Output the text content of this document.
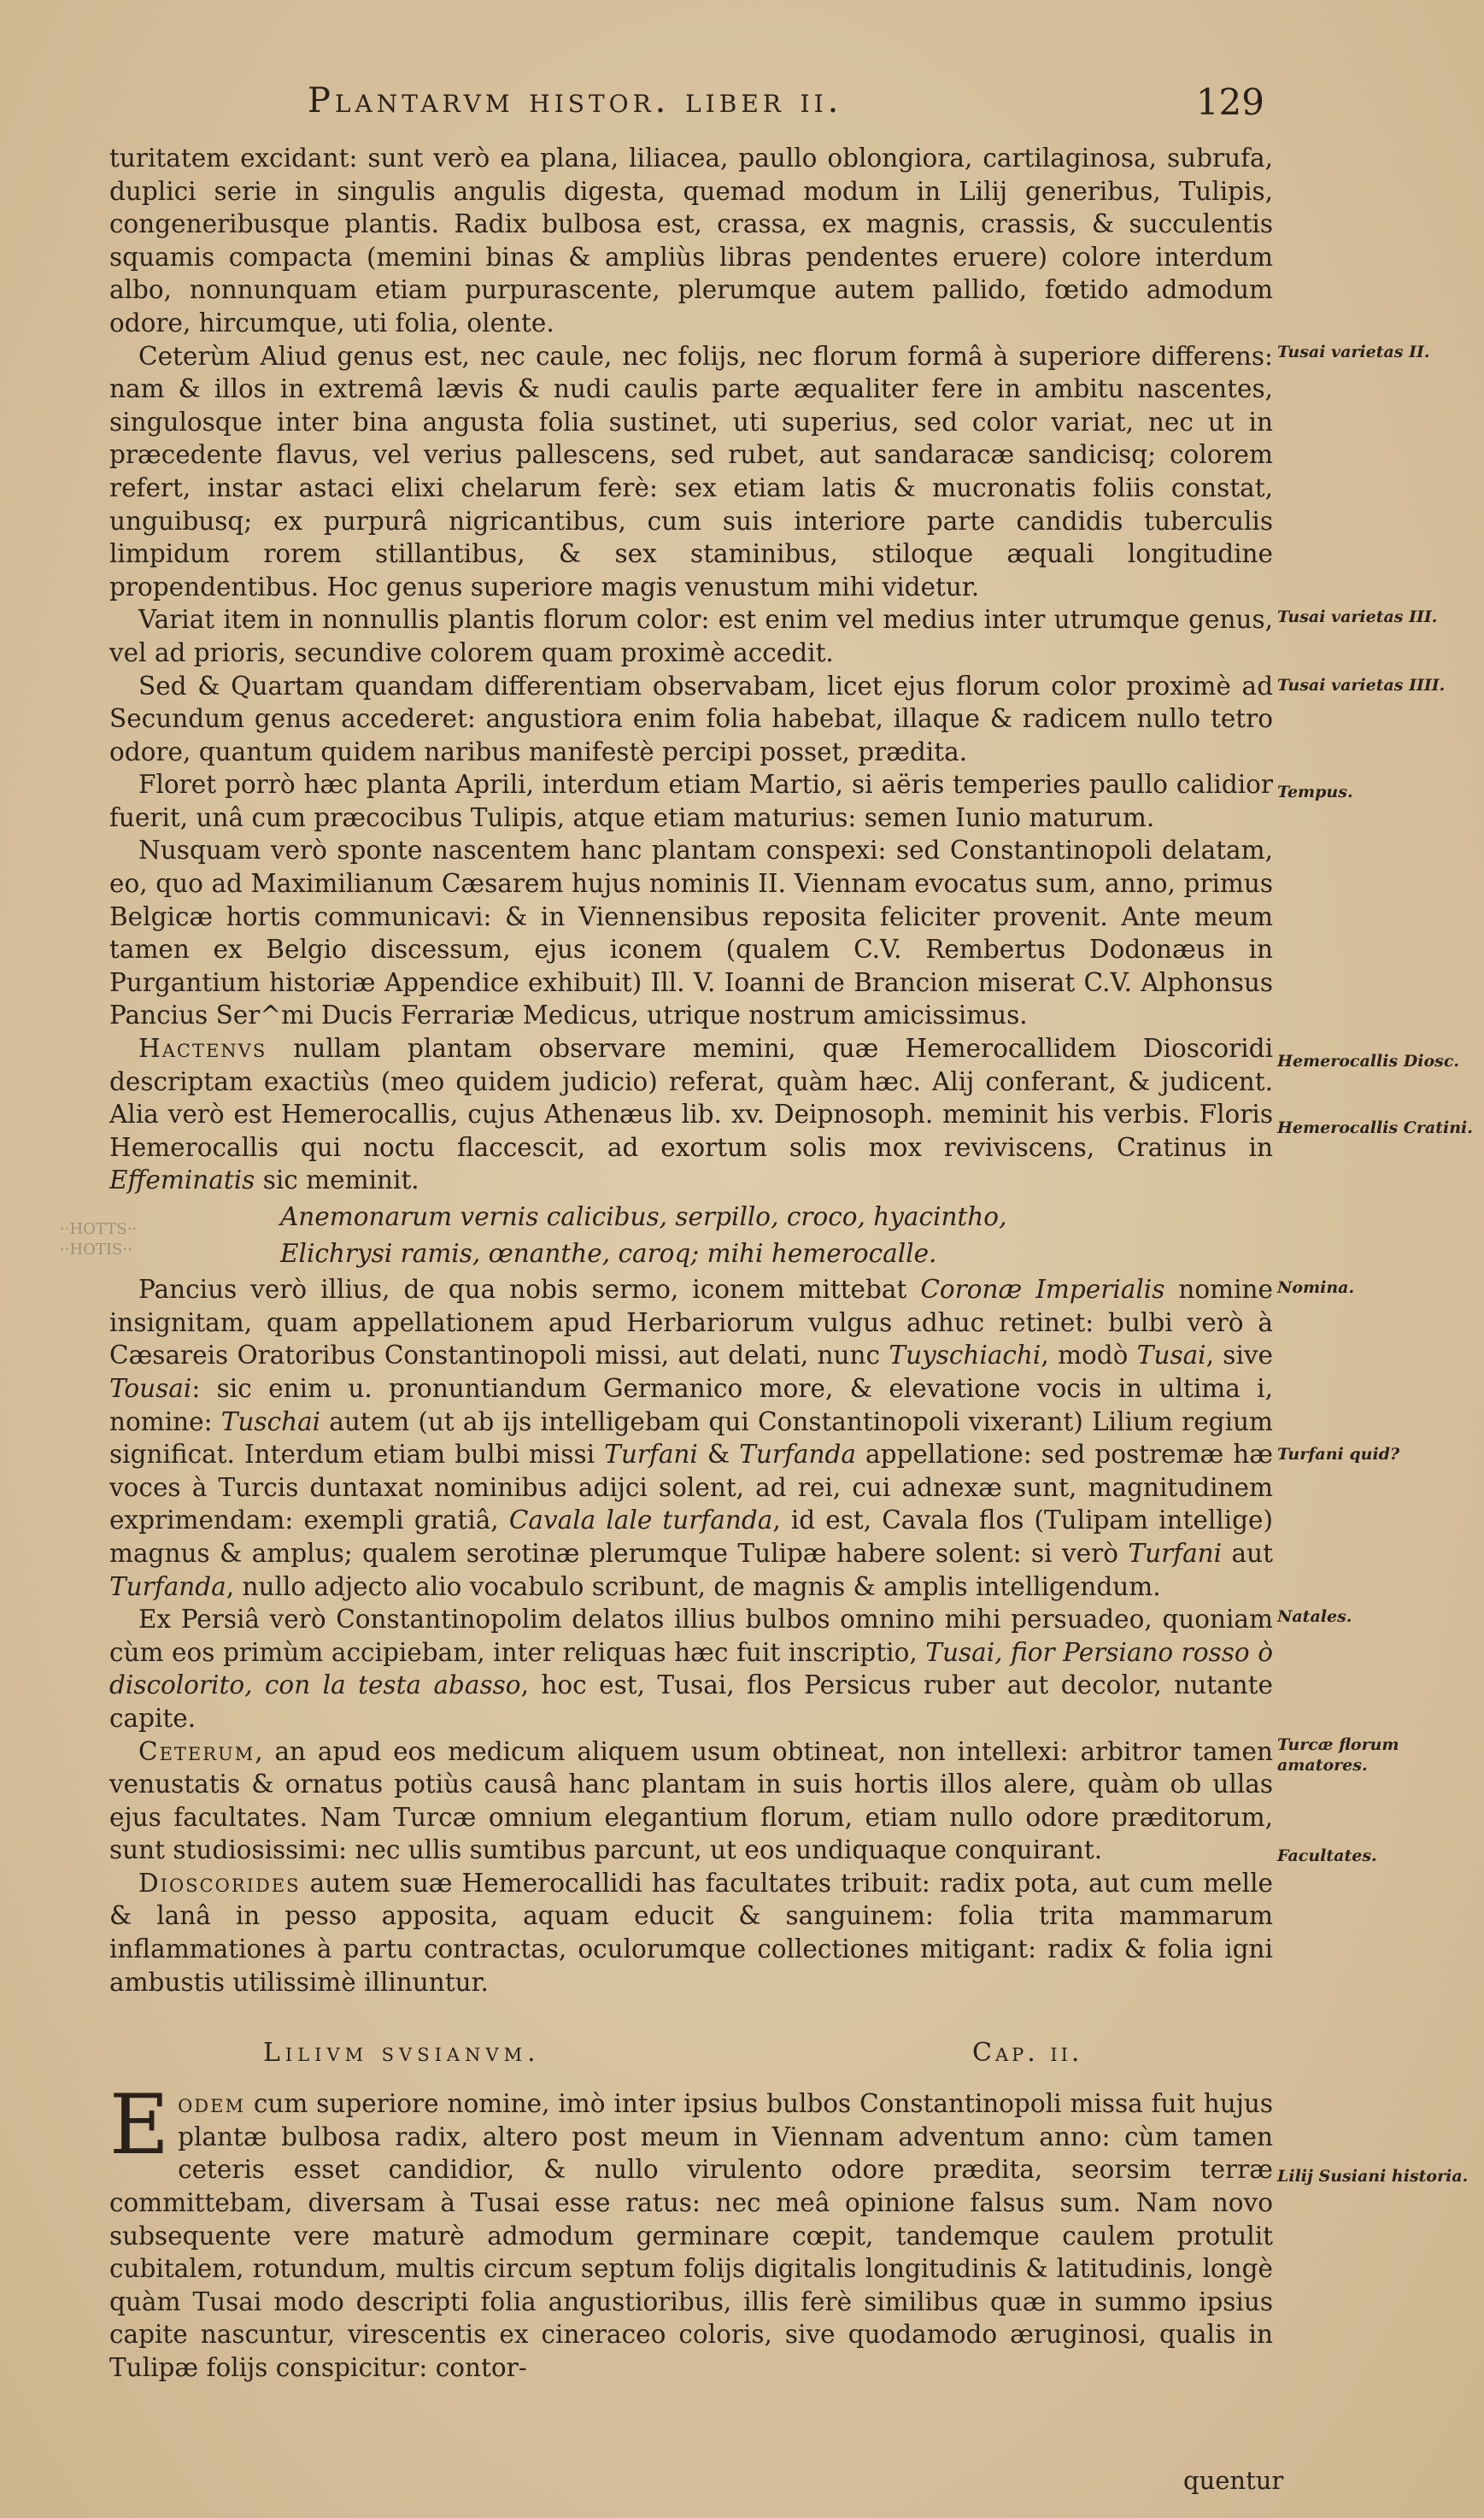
Plantarvm histor. liber ii.	129
··HOTTS··
··HOTIS··

turitatem excidant: sunt verò ea plana, liliacea, paullo oblongiora, cartilaginosa, subrufa, duplici serie in singulis angulis digesta, quemad modum in Lilij generibus, Tulipis, congeneribusque plantis. Radix bulbosa est, crassa, ex magnis, crassis, & succulentis squamis compacta (memini binas & ampliùs libras pendentes eruere) colore interdum albo, nonnunquam etiam purpurascente, plerumque autem pallido, fœtido admodum odore, hircumque, uti folia, olente.

Ceterùm Aliud genus est, nec caule, nec folijs, nec florum formâ à superiore differens: nam & illos in extremâ lævis & nudi caulis parte æqualiter fere in ambitu nascentes, singulosque inter bina angusta folia sustinet, uti superius, sed color variat, nec ut in præcedente flavus, vel verius pallescens, sed rubet, aut sandaracæ sandicisq; colorem refert, instar astaci elixi chelarum ferè: sex etiam latis & mucronatis foliis constat, unguibusq; ex purpurâ nigricantibus, cum suis interiore parte candidis tuberculis limpidum rorem stillantibus, & sex staminibus, stiloque æquali longitudine propendentibus. Hoc genus superiore magis venustum mihi videtur.

Variat item in nonnullis plantis florum color: est enim vel medius inter utrumque genus, vel ad prioris, secundive colorem quam proximè accedit.

Sed & Quartam quandam differentiam observabam, licet ejus florum color proximè ad Secundum genus accederet: angustiora enim folia habebat, illaque & radicem nullo tetro odore, quantum quidem naribus manifestè percipi posset, prædita.

Floret porrò hæc planta Aprili, interdum etiam Martio, si aëris temperies paullo calidior fuerit, unâ cum præcocibus Tulipis, atque etiam maturius: semen Iunio maturum.

Nusquam verò sponte nascentem hanc plantam conspexi: sed Constantinopoli delatam, eo, quo ad Maximilianum Cæsarem hujus nominis II. Viennam evocatus sum, anno, primus Belgicæ hortis communicavi: & in Viennensibus reposita feliciter provenit. Ante meum tamen ex Belgio discessum, ejus iconem (qualem C.V. Rembertus Dodonæus in Purgantium historiæ Appendice exhibuit) Ill. V. Ioanni de Brancion miserat C.V. Alphonsus Pancius Ser^mi Ducis Ferrariæ Medicus, utrique nostrum amicissimus.

Hactenvs nullam plantam observare memini, quæ Hemerocallidem Dioscoridi descriptam exactiùs (meo quidem judicio) referat, quàm hæc. Alij conferant, & judicent. Alia verò est Hemerocallis, cujus Athenæus lib. xv. Deipnosoph. meminit his verbis. Floris Hemerocallis qui noctu flaccescit, ad exortum solis mox reviviscens, Cratinus in Effeminatis sic meminit.

Anemonarum vernis calicibus, serpillo, croco, hyacintho,
Elichrysi ramis, œnanthe, caroq; mihi hemerocalle.

Pancius verò illius, de qua nobis sermo, iconem mittebat Coronæ Imperialis nomine insignitam, quam appellationem apud Herbariorum vulgus adhuc retinet: bulbi verò à Cæsareis Oratoribus Constantinopoli missi, aut delati, nunc Tuyschiachi, modò Tusai, sive Tousai: sic enim u. pronuntiandum Germanico more, & elevatione vocis in ultima i, nomine: Tuschai autem (ut ab ijs intelligebam qui Constantinopoli vixerant) Lilium regium significat. Interdum etiam bulbi missi Turfani & Turfanda appellatione: sed postremæ hæ voces à Turcis duntaxat nominibus adijci solent, ad rei, cui adnexæ sunt, magnitudinem exprimendam: exempli gratiâ, Cavala lale turfanda, id est, Cavala flos (Tulipam intellige) magnus & amplus; qualem serotinæ plerumque Tulipæ habere solent: si verò Turfani aut Turfanda, nullo adjecto alio vocabulo scribunt, de magnis & amplis intelligendum.

Ex Persiâ verò Constantinopolim delatos illius bulbos omnino mihi persuadeo, quoniam cùm eos primùm accipiebam, inter reliquas hæc fuit inscriptio, Tusai, fior Persiano rosso ò discolorito, con la testa abasso, hoc est, Tusai, flos Persicus ruber aut decolor, nutante capite.

Ceterum, an apud eos medicum aliquem usum obtineat, non intellexi: arbitror tamen venustatis & ornatus potiùs causâ hanc plantam in suis hortis illos alere, quàm ob ullas ejus facultates. Nam Turcæ omnium elegantium florum, etiam nullo odore præditorum, sunt studiosissimi: nec ullis sumtibus parcunt, ut eos undiquaque conquirant.

Dioscorides autem suæ Hemerocallidi has facultates tribuit: radix pota, aut cum melle & lanâ in pesso apposita, aquam educit & sanguinem: folia trita mammarum inflammationes à partu contractas, oculorumque collectiones mitigant: radix & folia igni ambustis utilissimè illinuntur.

Lilivm svsianvm.	Cap. ii.

Eodem cum superiore nomine, imò inter ipsius bulbos Constantinopoli missa fuit hujus plantæ bulbosa radix, altero post meum in Viennam adventum anno: cùm tamen ceteris esset candidior, & nullo virulento odore prædita, seorsim terræ committebam, diversam à Tusai esse ratus: nec meâ opinione falsus sum. Nam novo subsequente vere maturè admodum germinare cœpit, tandemque caulem protulit cubitalem, rotundum, multis circum septum folijs digitalis longitudinis & latitudinis, longè quàm Tusai modo descripti folia angustioribus, illis ferè similibus quæ in summo ipsius capite nascuntur, virescentis ex cineraceo coloris, sive quodamodo æruginosi, qualis in Tulipæ folijs conspicitur: contor-

quentur
Tusai varietas II.
Tusai varietas III.
Tusai varietas IIII.
Tempus.
Hemerocallis Diosc.
Hemerocallis Cratini.
Nomina.
Turfani quid?
Natales.
Turcæ florum amatores.
Facultates.
Lilij Susiani historia.
